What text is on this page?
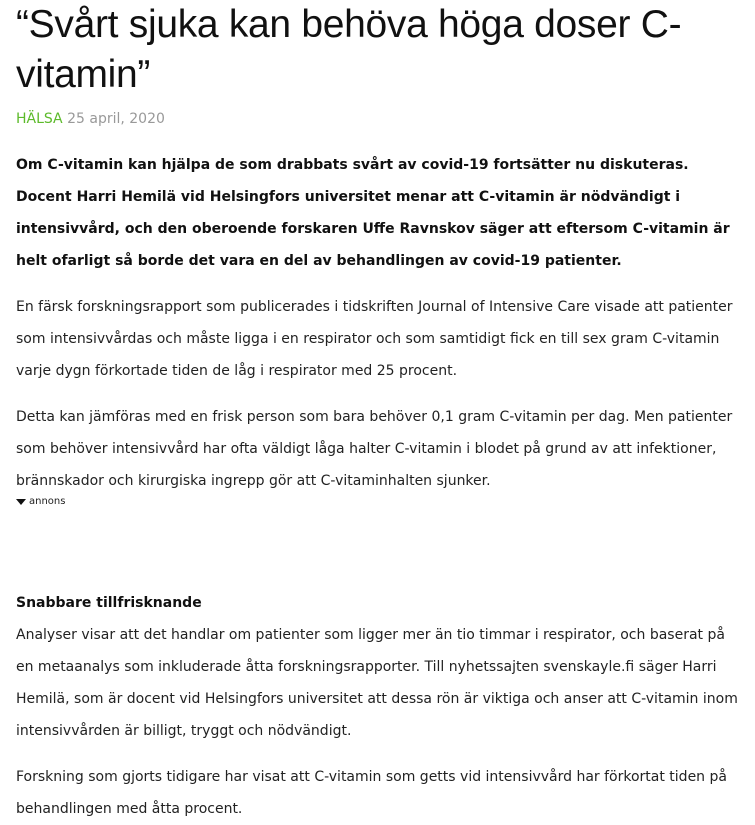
“Svårt sjuka kan behöva höga doser C-vitamin”
HÄLSA 25 april, 2020

Om C-vitamin kan hjälpa de som drabbats svårt av covid-19 fortsätter nu diskuteras. Docent Harri Hemilä vid Helsingfors universitet menar att C-vitamin är nödvändigt i intensivvård, och den oberoende forskaren Uffe Ravnskov säger att eftersom C-vitamin är helt ofarligt så borde det vara en del av behandlingen av covid-19 patienter.

En färsk forskningsrapport som publicerades i tidskriften Journal of Intensive Care visade att patienter som intensivvårdas och måste ligga i en respirator och som samtidigt fick en till sex gram C-vitamin varje dygn förkortade tiden de låg i respirator med 25 procent.

Detta kan jämföras med en frisk person som bara behöver 0,1 gram C-vitamin per dag. Men patienter som behöver intensivvård har ofta väldigt låga halter C-vitamin i blodet på grund av att infektioner, brännskador och kirurgiska ingrepp gör att C-vitaminhalten sjunker.

annons
Snabbare tillfrisknande

Analyser visar att det handlar om patienter som ligger mer än tio timmar i respirator, och baserat på en metaanalys som inkluderade åtta forskningsrapporter. Till nyhetssajten svenskayle.fi säger Harri Hemilä, som är docent vid Helsingfors universitet att dessa rön är viktiga och anser att C-vitamin inom intensivvården är billigt, tryggt och nödvändigt.

Forskning som gjorts tidigare har visat att C-vitamin som getts vid intensivvård har förkortat tiden på behandlingen med åtta procent.
